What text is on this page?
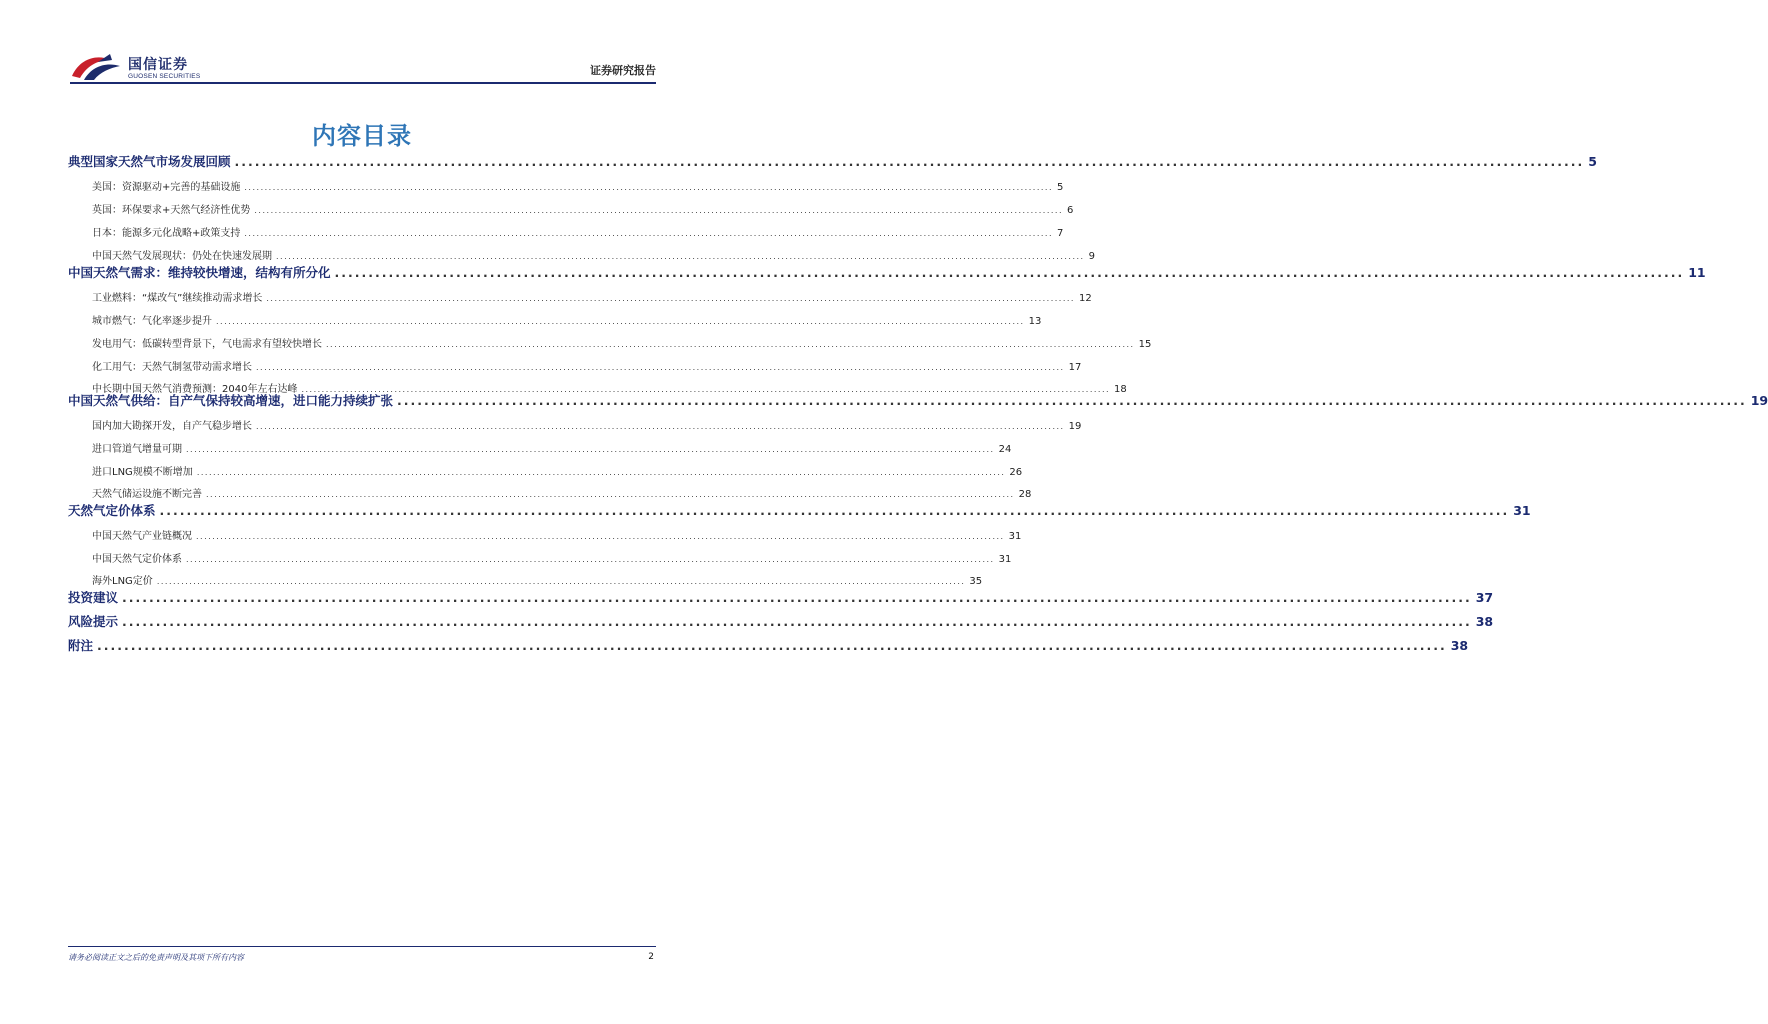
国信证券
GUOSEN SECURITIES	证券研究报告
内容目录
典型国家天然气市场发展回顾 ........................................................................................................................................................................................................ 5
美国：资源驱动+完善的基础设施 ........................................................................................................................................................................................................ 5
英国：环保要求+天然气经济性优势 ........................................................................................................................................................................................................ 6
日本：能源多元化战略+政策支持 ........................................................................................................................................................................................................ 7
中国天然气发展现状：仍处在快速发展期 ........................................................................................................................................................................................................ 9
中国天然气需求：维持较快增速，结构有所分化 ........................................................................................................................................................................................................ 11
工业燃料：“煤改气”继续推动需求增长 ........................................................................................................................................................................................................ 12
城市燃气：气化率逐步提升 ........................................................................................................................................................................................................ 13
发电用气：低碳转型背景下，气电需求有望较快增长 ........................................................................................................................................................................................................ 15
化工用气：天然气制氢带动需求增长 ........................................................................................................................................................................................................ 17
中长期中国天然气消费预测：2040年左右达峰 ........................................................................................................................................................................................................ 18
中国天然气供给：自产气保持较高增速，进口能力持续扩张 ........................................................................................................................................................................................................ 19
国内加大勘探开发，自产气稳步增长 ........................................................................................................................................................................................................ 19
进口管道气增量可期 ........................................................................................................................................................................................................ 24
进口LNG规模不断增加 ........................................................................................................................................................................................................ 26
天然气储运设施不断完善 ........................................................................................................................................................................................................ 28
天然气定价体系 ........................................................................................................................................................................................................ 31
中国天然气产业链概况 ........................................................................................................................................................................................................ 31
中国天然气定价体系 ........................................................................................................................................................................................................ 31
海外LNG定价 ........................................................................................................................................................................................................ 35
投资建议 ........................................................................................................................................................................................................ 37
风险提示 ........................................................................................................................................................................................................ 38
附注 ........................................................................................................................................................................................................ 38
请务必阅读正文之后的免责声明及其项下所有内容	2
